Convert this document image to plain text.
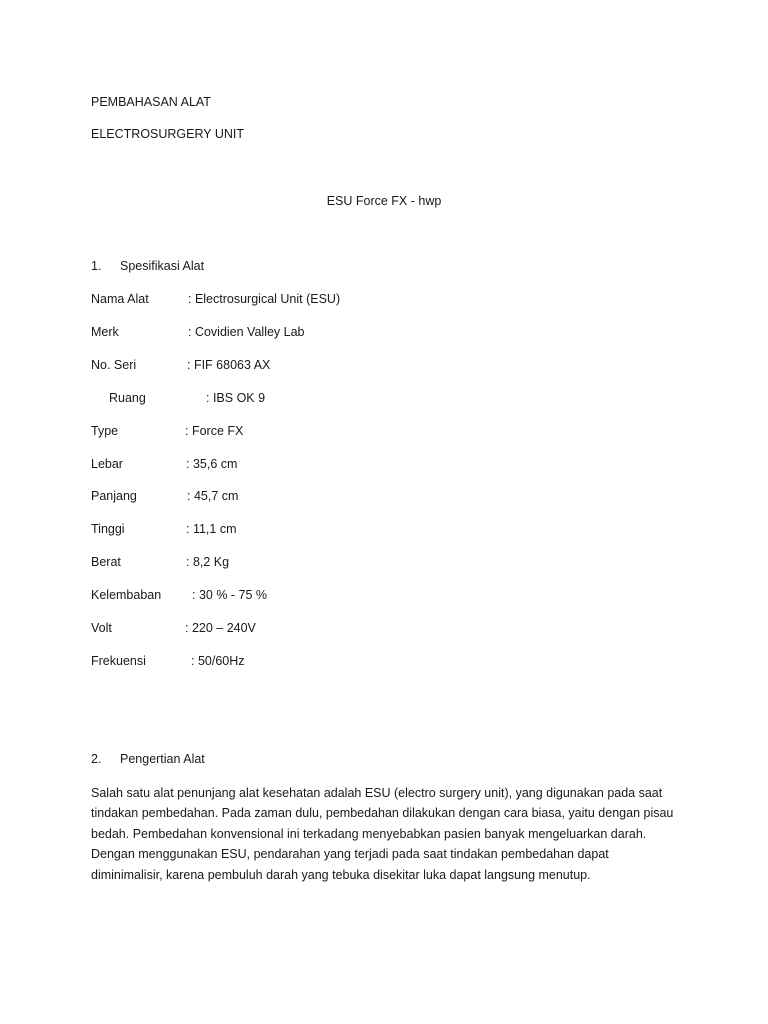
PEMBAHASAN ALAT
ELECTROSURGERY UNIT
ESU Force FX - hwp
1. Spesifikasi Alat
Nama Alat	: Electrosurgical Unit (ESU)
Merk	: Covidien Valley Lab
No. Seri	: FIF 68063 AX
Ruang	: IBS OK 9
Type	: Force FX
Lebar	: 35,6 cm
Panjang	: 45,7 cm
Tinggi	: 11,1 cm
Berat	: 8,2 Kg
Kelembaban : 30 % - 75 %
Volt	: 220 – 240V
Frekuensi	: 50/60Hz
2. Pengertian Alat
Salah satu alat penunjang alat kesehatan adalah ESU (electro surgery unit), yang digunakan pada saat
tindakan pembedahan. Pada zaman dulu, pembedahan dilakukan dengan cara biasa, yaitu dengan pisau
bedah. Pembedahan konvensional ini terkadang menyebabkan pasien banyak mengeluarkan darah.
Dengan menggunakan ESU, pendarahan yang terjadi pada saat tindakan pembedahan dapat
diminimalisir, karena pembuluh darah yang tebuka disekitar luka dapat langsung menutup.
